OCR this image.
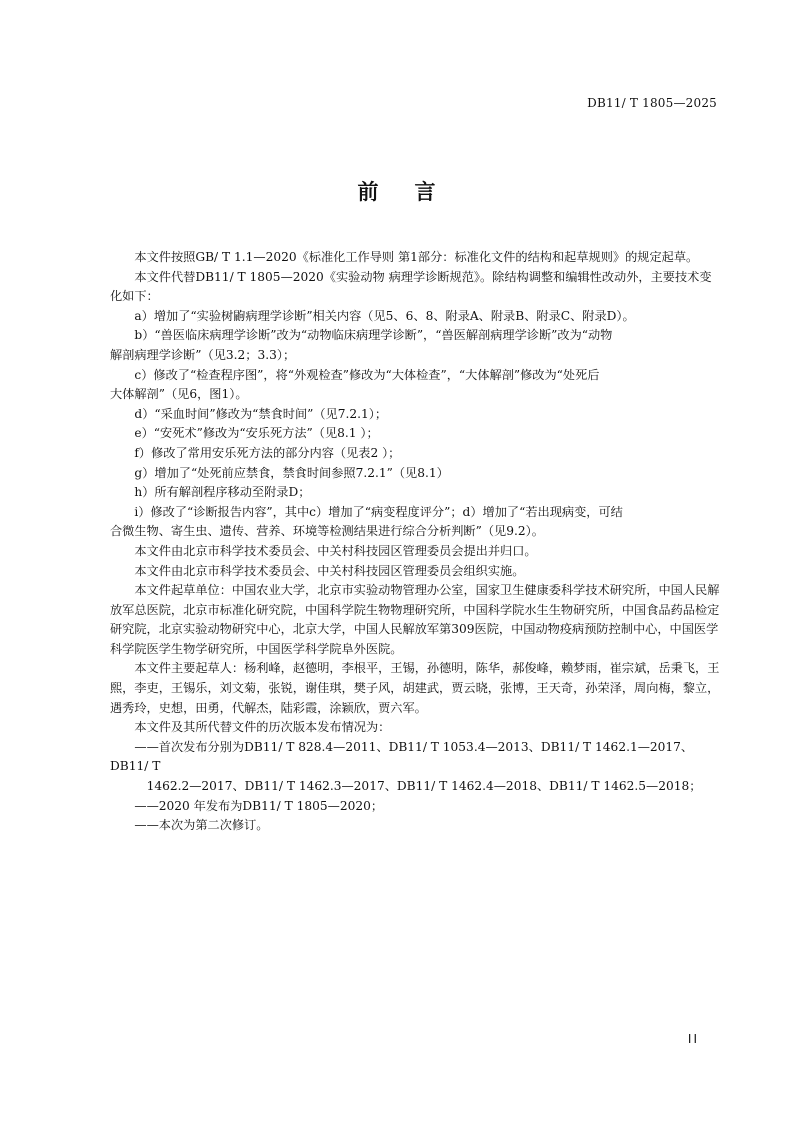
DB11/ T 1805—2025
前 言

本文件按照GB/ T 1.1—2020《标准化工作导则 第1部分：标准化文件的结构和起草规则》的规定起草。

本文件代替DB11/ T 1805—2020《实验动物 病理学诊断规范》。除结构调整和编辑性改动外，主要技术变化如下：

a）增加了“实验树鼩病理学诊断”相关内容（见5、6、8、附录A、附录B、附录C、附录D）。

b）“兽医临床病理学诊断”改为“动物临床病理学诊断”，“兽医解剖病理学诊断”改为“动物

解剖病理学诊断”（见3.2；3.3）；

c）修改了“检查程序图”，将“外观检查”修改为“大体检查”，“大体解剖”修改为“处死后

大体解剖”（见6，图1）。

d）“采血时间”修改为“禁食时间”（见7.2.1）；

e）“安死术”修改为“安乐死方法”（见8.1 ）；

f）修改了常用安乐死方法的部分内容（见表2 ）；

g）增加了“处死前应禁食，禁食时间参照7.2.1”（见8.1）

h）所有解剖程序移动至附录D；

i）修改了“诊断报告内容”，其中c）增加了“病变程度评分”；d）增加了“若出现病变，可结

合微生物、寄生虫、遗传、营养、环境等检测结果进行综合分析判断”（见9.2）。

本文件由北京市科学技术委员会、中关村科技园区管理委员会提出并归口。

本文件由北京市科学技术委员会、中关村科技园区管理委员会组织实施。

本文件起草单位：中国农业大学，北京市实验动物管理办公室，国家卫生健康委科学技术研究所，中国人民解放军总医院，北京市标准化研究院，中国科学院生物物理研究所，中国科学院水生生物研究所，中国食品药品检定研究院，北京实验动物研究中心，北京大学，中国人民解放军第309医院，中国动物疫病预防控制中心，中国医学科学院医学生物学研究所，中国医学科学院阜外医院。

本文件主要起草人：杨利峰，赵德明，李根平，王锡，孙德明，陈华，郝俊峰，赖梦雨，崔宗斌，岳秉飞，王熙，李吏，王锡乐，刘文菊，张锐，谢佳琪，樊子风，胡建武，贾云晓，张博，王天奇，孙荣泽，周向梅，黎立，遇秀玲，史想，田勇，代解杰，陆彩霞，涂颖欣，贾六军。

本文件及其所代替文件的历次版本发布情况为：

——首次发布分别为DB11/ T 828.4—2011、DB11/ T 1053.4—2013、DB11/ T 1462.1—2017、DB11/ T

1462.2—2017、DB11/ T 1462.3—2017、DB11/ T 1462.4—2018、DB11/ T 1462.5—2018；

——2020 年发布为DB11/ T 1805—2020；

——本次为第二次修订。

II
